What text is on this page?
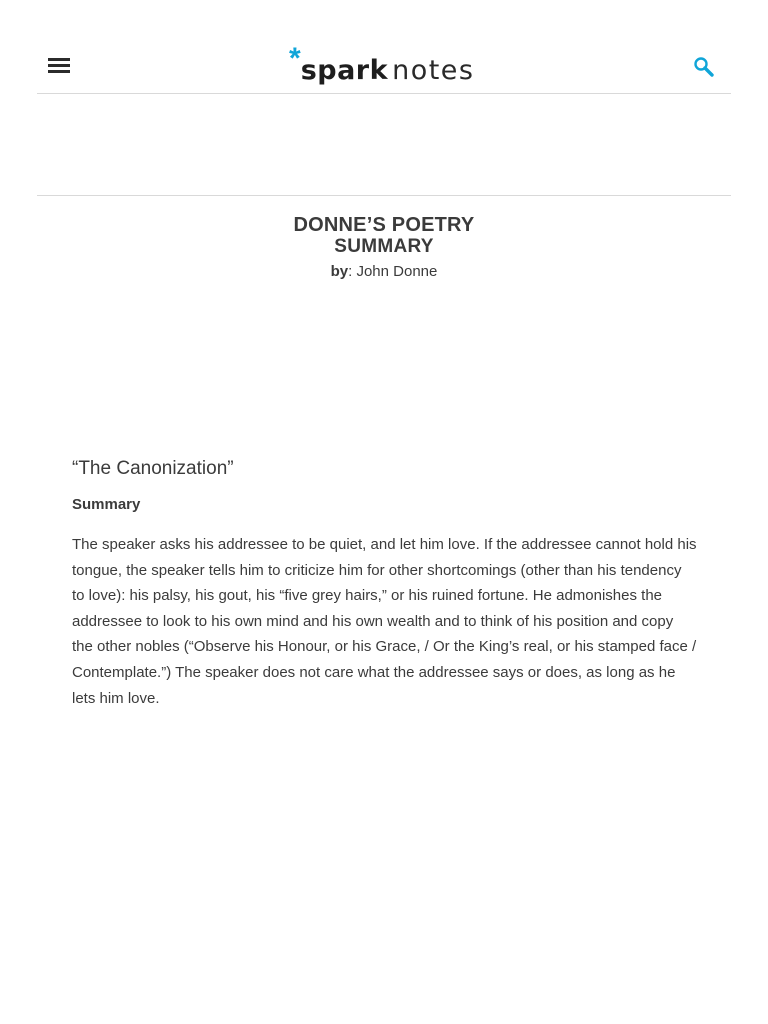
* spark notes
DONNE’S POETRY
SUMMARY
by: John Donne
“The Canonization”
Summary

The speaker asks his addressee to be quiet, and let him love. If the addressee cannot hold his tongue, the speaker tells him to criticize him for other shortcomings (other than his tendency to love): his palsy, his gout, his “five grey hairs,” or his ruined fortune. He admonishes the addressee to look to his own mind and his own wealth and to think of his position and copy the other nobles (“Observe his Honour, or his Grace, / Or the King’s real, or his stamped face / Contemplate.”) The speaker does not care what the addressee says or does, as long as he lets him love.
